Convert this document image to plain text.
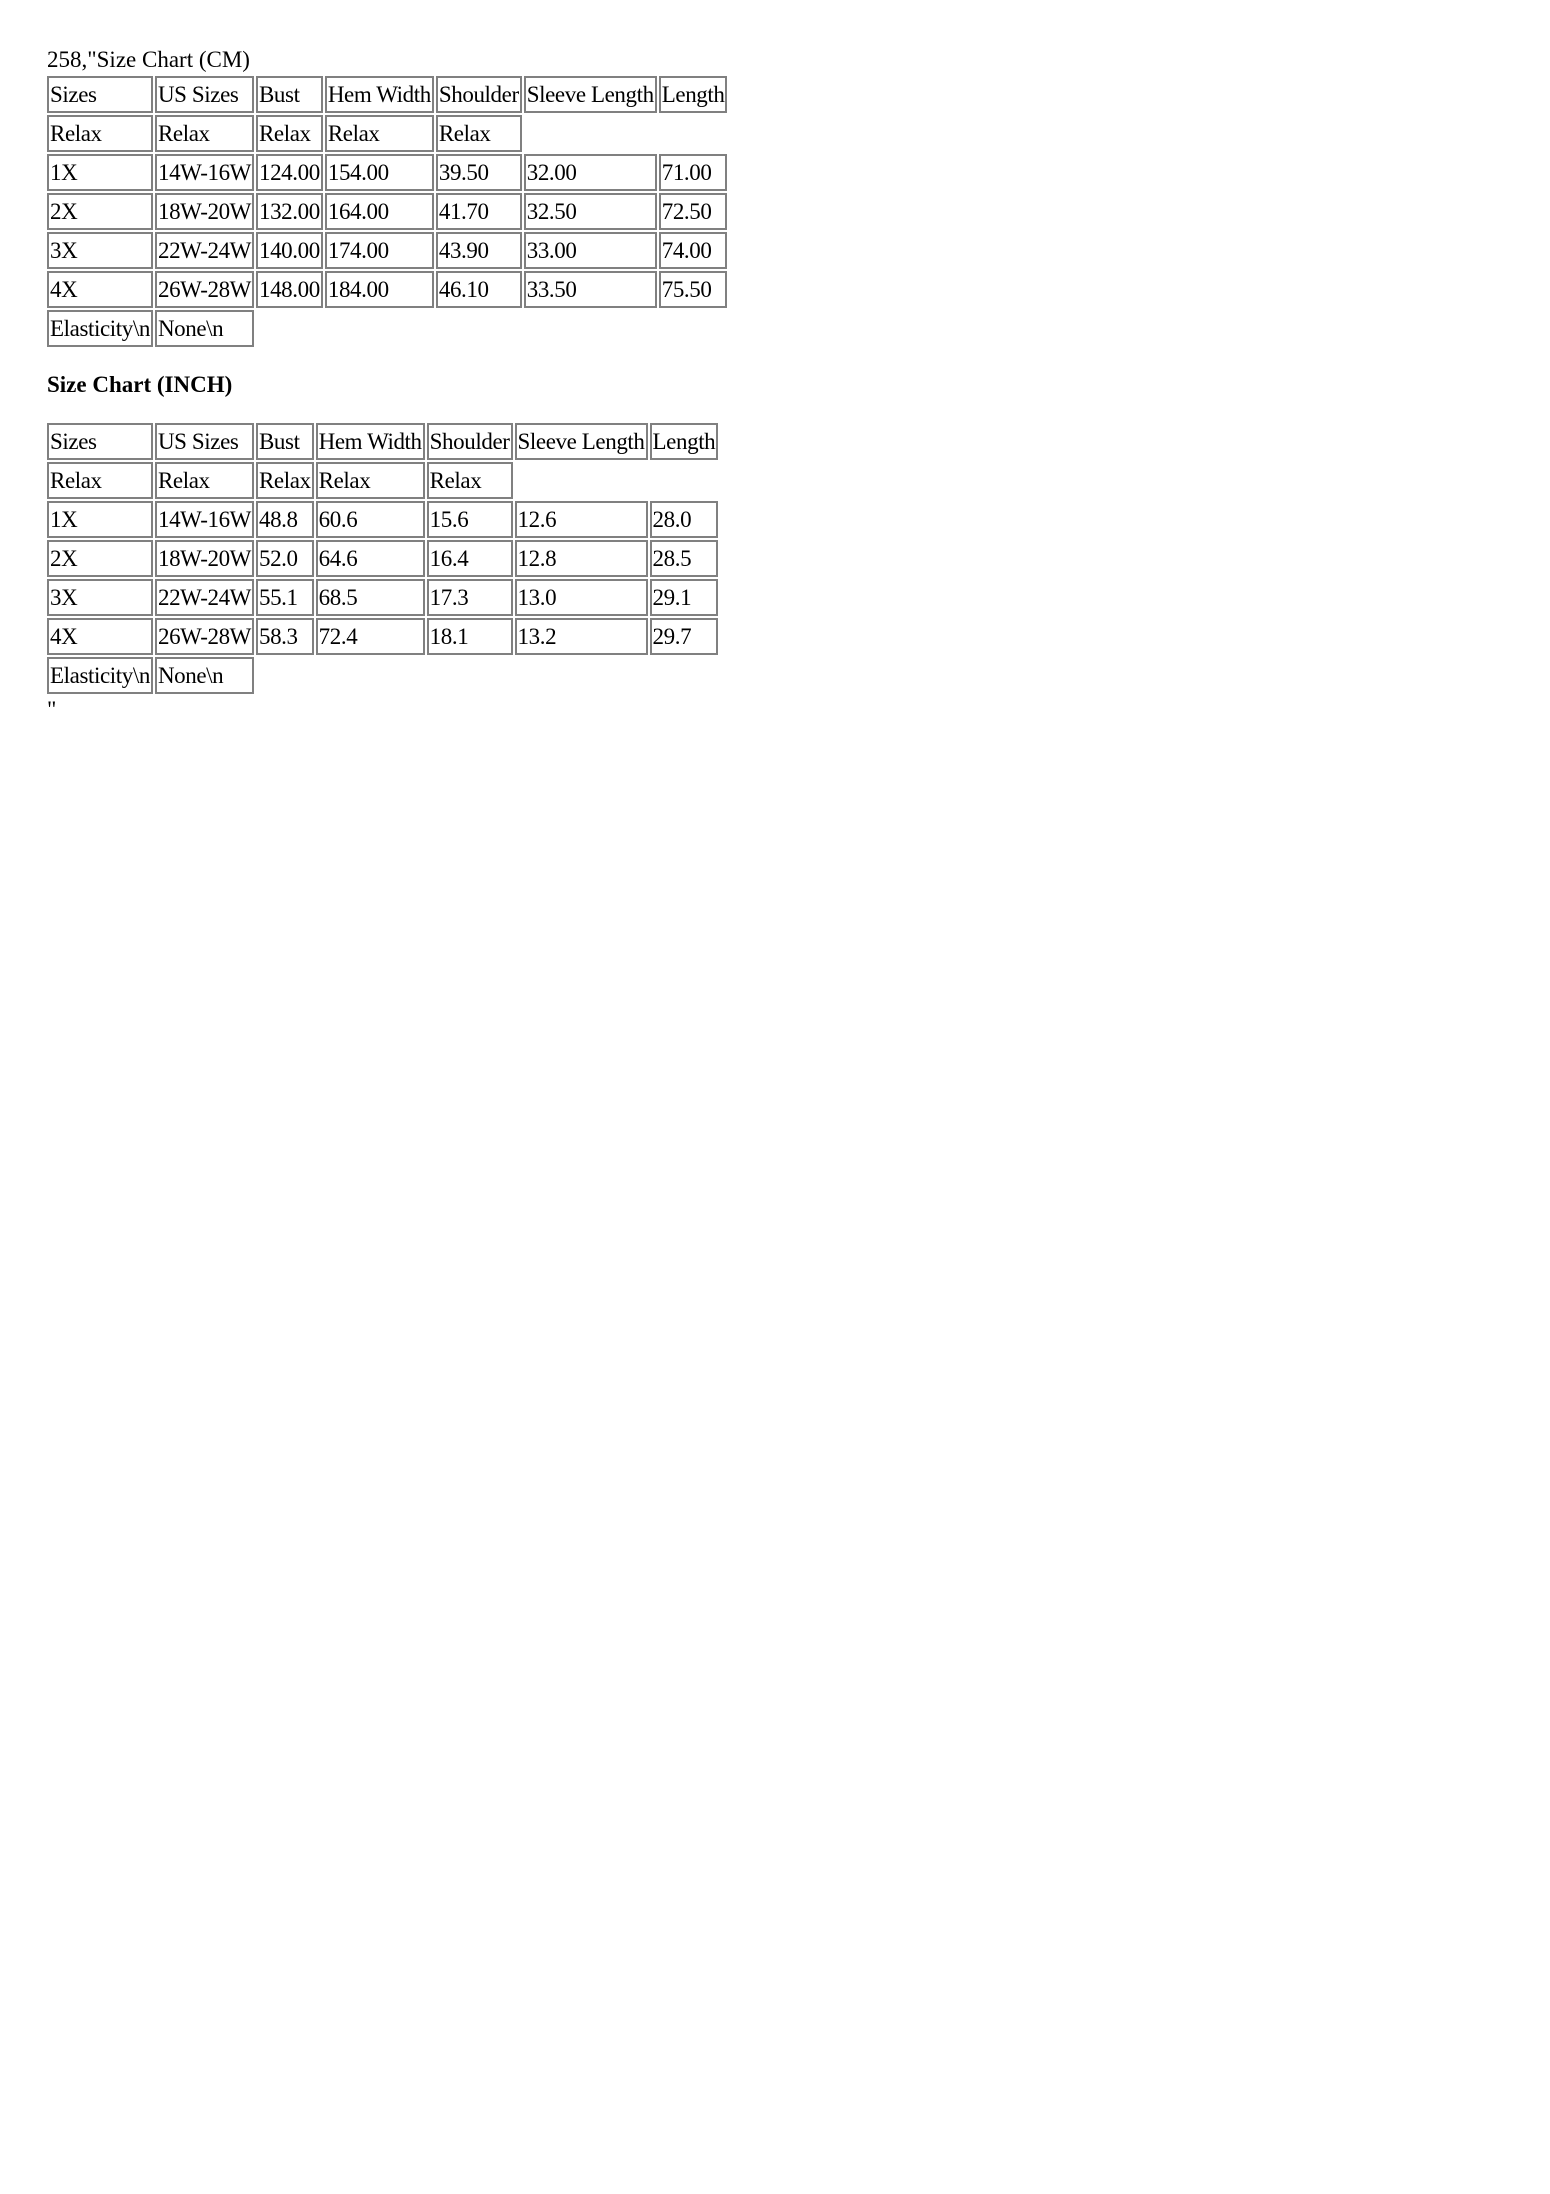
258,"Size Chart (CM)
Sizes	US Sizes	Bust	Hem Width	Shoulder	Sleeve Length	Length
Relax	Relax	Relax	Relax	Relax		
1X	14W-16W	124.00	154.00	39.50	32.00	71.00
2X	18W-20W	132.00	164.00	41.70	32.50	72.50
3X	22W-24W	140.00	174.00	43.90	33.00	74.00
4X	26W-28W	148.00	184.00	46.10	33.50	75.50
Elasticity\n	None\n					
Size Chart (INCH)
Sizes	US Sizes	Bust	Hem Width	Shoulder	Sleeve Length	Length
Relax	Relax	Relax	Relax	Relax		
1X	14W-16W	48.8	60.6	15.6	12.6	28.0
2X	18W-20W	52.0	64.6	16.4	12.8	28.5
3X	22W-24W	55.1	68.5	17.3	13.0	29.1
4X	26W-28W	58.3	72.4	18.1	13.2	29.7
Elasticity\n	None\n					
"
